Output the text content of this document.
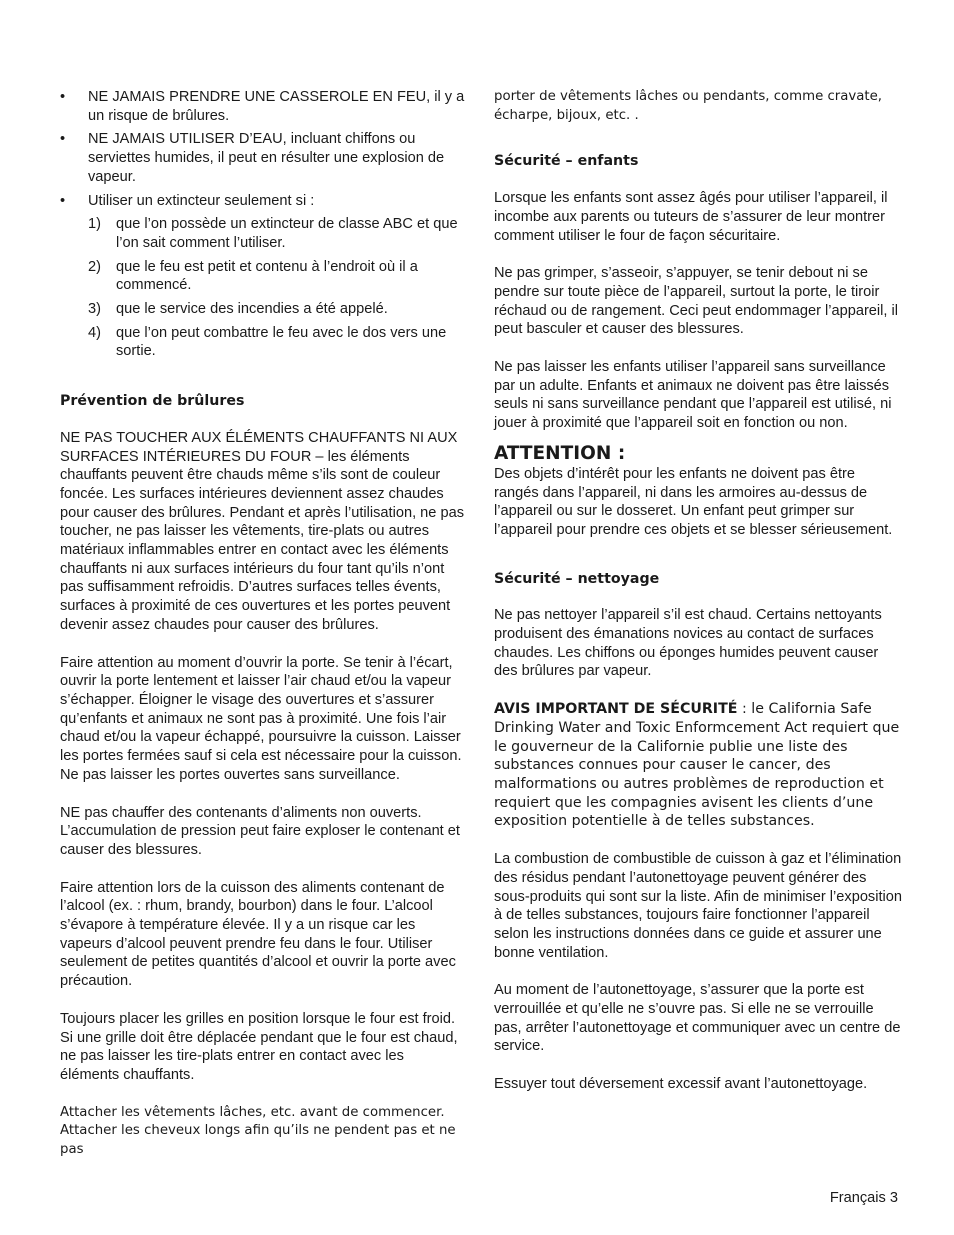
• NE JAMAIS PRENDRE UNE CASSEROLE EN FEU, il y a un risque de brûlures.
• NE JAMAIS UTILISER D’EAU, incluant chiffons ou serviettes humides, il peut en résulter une explosion de vapeur.
• Utiliser un extincteur seulement si :
1) que l’on possède un extincteur de classe ABC et que l’on sait comment l’utiliser.
2) que le feu est petit et contenu à l’endroit où il a commencé.
3) que le service des incendies a été appelé.
4) que l’on peut combattre le feu avec le dos vers une sortie.

Prévention de brûlures

NE PAS TOUCHER AUX ÉLÉMENTS CHAUFFANTS NI AUX SURFACES INTÉRIEURES DU FOUR – les éléments chauffants peuvent être chauds même s’ils sont de couleur foncée. Les surfaces intérieures deviennent assez chaudes pour causer des brûlures. Pendant et après l’utilisation, ne pas toucher, ne pas laisser les vêtements, tire-plats ou autres matériaux inflammables entrer en contact avec les éléments chauffants ni aux surfaces intérieurs du four tant qu’ils n’ont pas suffisamment refroidis. D’autres surfaces telles évents, surfaces à proximité de ces ouvertures et les portes peuvent devenir assez chaudes pour causer des brûlures.

Faire attention au moment d’ouvrir la porte. Se tenir à l’écart, ouvrir la porte lentement et laisser l’air chaud et/ou la vapeur s’échapper. Éloigner le visage des ouvertures et s’assurer qu’enfants et animaux ne sont pas à proximité. Une fois l’air chaud et/ou la vapeur échappé, poursuivre la cuisson. Laisser les portes fermées sauf si cela est nécessaire pour la cuisson. Ne pas laisser les portes ouvertes sans surveillance.

NE pas chauffer des contenants d’aliments non ouverts. L’accumulation de pression peut faire exploser le contenant et causer des blessures.

Faire attention lors de la cuisson des aliments contenant de l’alcool (ex. : rhum, brandy, bourbon) dans le four. L’alcool s’évapore à température élevée. Il y a un risque car les vapeurs d’alcool peuvent prendre feu dans le four. Utiliser seulement de petites quantités d’alcool et ouvrir la porte avec précaution.

Toujours placer les grilles en position lorsque le four est froid. Si une grille doit être déplacée pendant que le four est chaud, ne pas laisser les tire-plats entrer en contact avec les éléments chauffants.

Attacher les vêtements lâches, etc. avant de commencer. Attacher les cheveux longs afin qu’ils ne pendent pas et ne pas

porter de vêtements lâches ou pendants, comme cravate, écharpe, bijoux, etc. .

Sécurité – enfants

Lorsque les enfants sont assez âgés pour utiliser l’appareil, il incombe aux parents ou tuteurs de s’assurer de leur montrer comment utiliser le four de façon sécuritaire.

Ne pas grimper, s’asseoir, s’appuyer, se tenir debout ni se pendre sur toute pièce de l’appareil, surtout la porte, le tiroir réchaud ou de rangement. Ceci peut endommager l’appareil, il peut basculer et causer des blessures.

Ne pas laisser les enfants utiliser l’appareil sans surveillance par un adulte. Enfants et animaux ne doivent pas être laissés seuls ni sans surveillance pendant que l’appareil est utilisé, ni jouer à proximité que l’appareil soit en fonction ou non.

ATTENTION :

Des objets d’intérêt pour les enfants ne doivent pas être rangés dans l’appareil, ni dans les armoires au-dessus de l’appareil ou sur le dosseret. Un enfant peut grimper sur l’appareil pour prendre ces objets et se blesser sérieusement.

Sécurité – nettoyage

Ne pas nettoyer l’appareil s’il est chaud. Certains nettoyants produisent des émanations novices au contact de surfaces chaudes. Les chiffons ou éponges humides peuvent causer des brûlures par vapeur.

AVIS IMPORTANT DE SÉCURITÉ : le California Safe Drinking Water and Toxic Enformcement Act requiert que le gouverneur de la Californie publie une liste des substances connues pour causer le cancer, des malformations ou autres problèmes de reproduction et requiert que les compagnies avisent les clients d’une exposition potentielle à de telles substances.

La combustion de combustible de cuisson à gaz et l’élimination des résidus pendant l’autonettoyage peuvent générer des sous-produits qui sont sur la liste. Afin de minimiser l’exposition à de telles substances, toujours faire fonctionner l’appareil selon les instructions données dans ce guide et assurer une bonne ventilation.

Au moment de l’autonettoyage, s’assurer que la porte est verrouillée et qu’elle ne s’ouvre pas. Si elle ne se verrouille pas, arrêter l’autonettoyage et communiquer avec un centre de service.

Essuyer tout déversement excessif avant l’autonettoyage.

Français 3
